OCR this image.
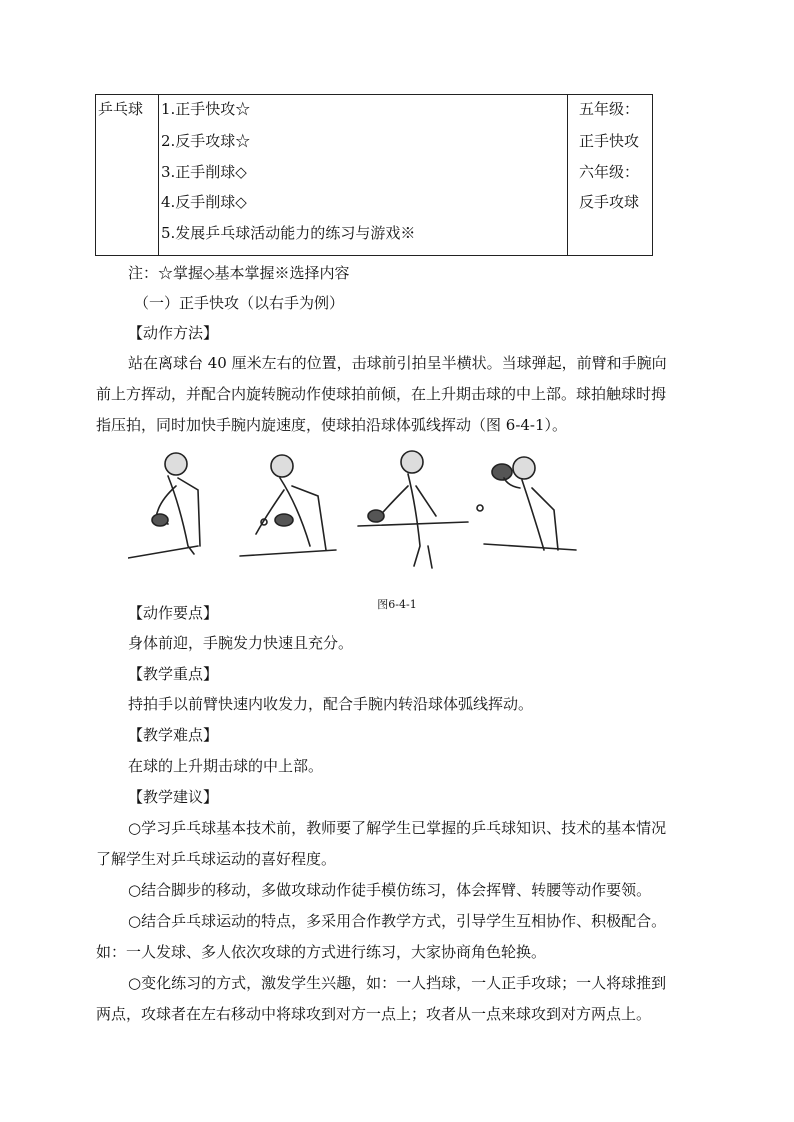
乒乓球 1.正手快攻☆
2.反手攻球☆
3.正手削球◇
4.反手削球◇
5.发展乒乓球活动能力的练习与游戏※
五年级：
正手快攻
六年级：
反手攻球
注：☆掌握◇基本掌握※选择内容
（一）正手快攻（以右手为例）
【动作方法】
站在离球台 40 厘米左右的位置，击球前引拍呈半横状。当球弹起，前臂和手腕向
前上方挥动，并配合内旋转腕动作使球拍前倾，在上升期击球的中上部。球拍触球时拇
指压拍，同时加快手腕内旋速度，使球拍沿球体弧线挥动（图 6-4-1）。
图6-4-1
【动作要点】
身体前迎，手腕发力快速且充分。
【教学重点】
持拍手以前臂快速内收发力，配合手腕内转沿球体弧线挥动。
【教学难点】
在球的上升期击球的中上部。
【教学建议】
○学习乒乓球基本技术前，教师要了解学生已掌握的乒乓球知识、技术的基本情况
了解学生对乒乓球运动的喜好程度。
○结合脚步的移动，多做攻球动作徒手模仿练习，体会挥臂、转腰等动作要领。
○结合乒乓球运动的特点，多采用合作教学方式，引导学生互相协作、积极配合。
如：一人发球、多人依次攻球的方式进行练习，大家协商角色轮换。
○变化练习的方式，激发学生兴趣，如：一人挡球，一人正手攻球；一人将球推到
两点，攻球者在左右移动中将球攻到对方一点上；攻者从一点来球攻到对方两点上。
